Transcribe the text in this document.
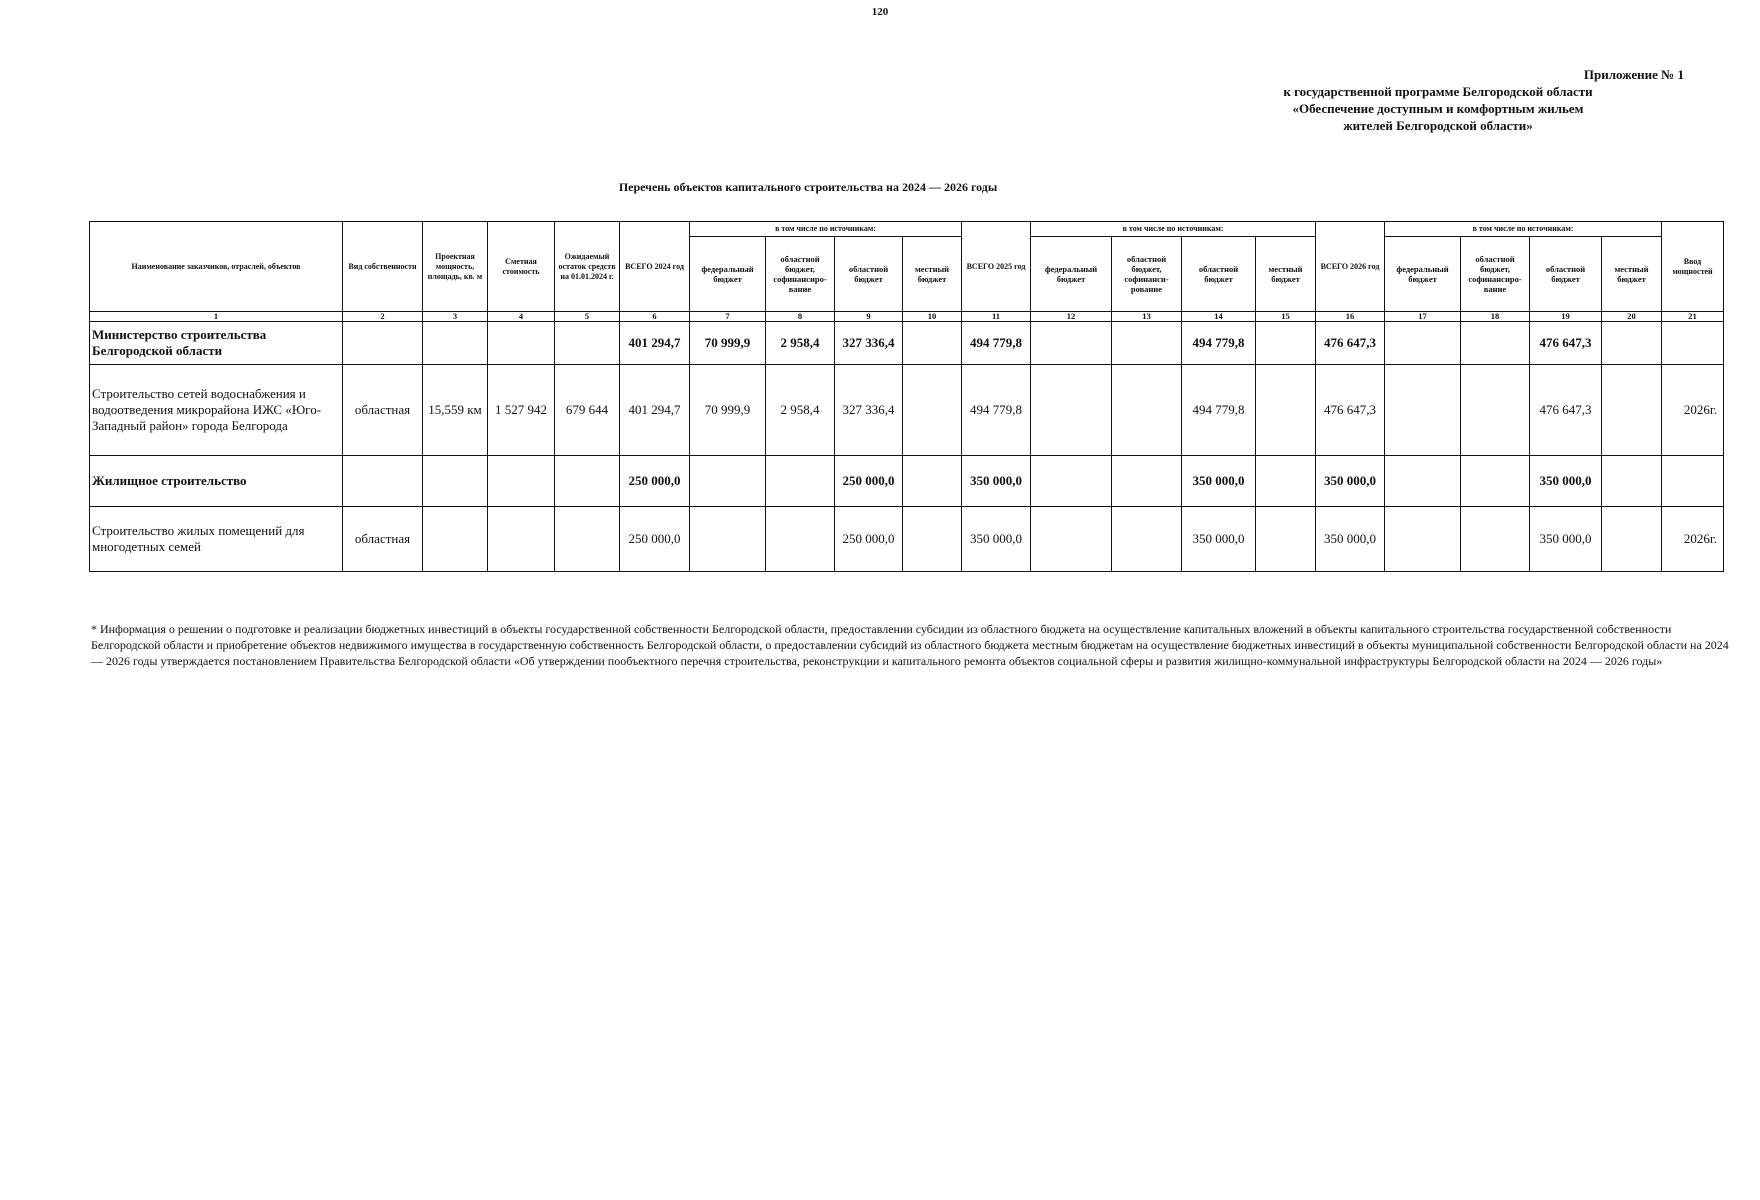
120
Приложение № 1
к государственной программе Белгородской области
«Обеспечение доступным и комфортным жильем
жителей Белгородской области»
Перечень объектов капитального строительства на 2024 — 2026 годы
Наименование заказчиков, отраслей, объектов	Вид собственности	Проектная мощность, площадь, кв. м	Сметная стоимость	Ожидаемый остаток средств на 01.01.2024 г.	ВСЕГО 2024 год	в том числе по источникам:				ВСЕГО 2025 год	в том числе по источникам:				ВСЕГО 2026 год	в том числе по источникам:				Ввод мощностей
						федеральный бюджет	областной бюджет, софинансиро-вание	областной бюджет	местный бюджет		федеральный бюджет	областной бюджет, софинанси-рование	областной бюджет	местный бюджет		федеральный бюджет	областной бюджет, софинансиро-вание	областной бюджет	местный бюджет	
1	2	3	4	5	6	7	8	9	10	11	12	13	14	15	16	17	18	19	20	21
Министерство строительства Белгородской области					401 294,7	70 999,9	2 958,4	327 336,4		494 779,8			494 779,8		476 647,3			476 647,3		
Строительство сетей водоснабжения и водоотведения микрорайона ИЖС «Юго-Западный район» города Белгорода	областная	15,559 км	1 527 942	679 644	401 294,7	70 999,9	2 958,4	327 336,4		494 779,8			494 779,8		476 647,3			476 647,3		2026г.
Жилищное строительство					250 000,0			250 000,0		350 000,0			350 000,0		350 000,0			350 000,0		
Строительство жилых помещений для многодетных семей	областная				250 000,0			250 000,0		350 000,0			350 000,0		350 000,0			350 000,0		2026г.
* Информация о решении о подготовке и реализации бюджетных инвестиций в объекты государственной собственности Белгородской области, предоставлении субсидии из областного бюджета на осуществление капитальных вложений в объекты капитального строительства государственной собственности Белгородской области и приобретение объектов недвижимого имущества в государственную собственность Белгородской области, о предоставлении субсидий из областного бюджета местным бюджетам на осуществление бюджетных инвестиций в объекты муниципальной собственности Белгородской области на 2024 — 2026 годы утверждается постановлением Правительства Белгородской области «Об утверждении пообъектного перечня строительства, реконструкции и капитального ремонта объектов социальной сферы и развития жилищно-коммунальной инфраструктуры Белгородской области на 2024 — 2026 годы»
